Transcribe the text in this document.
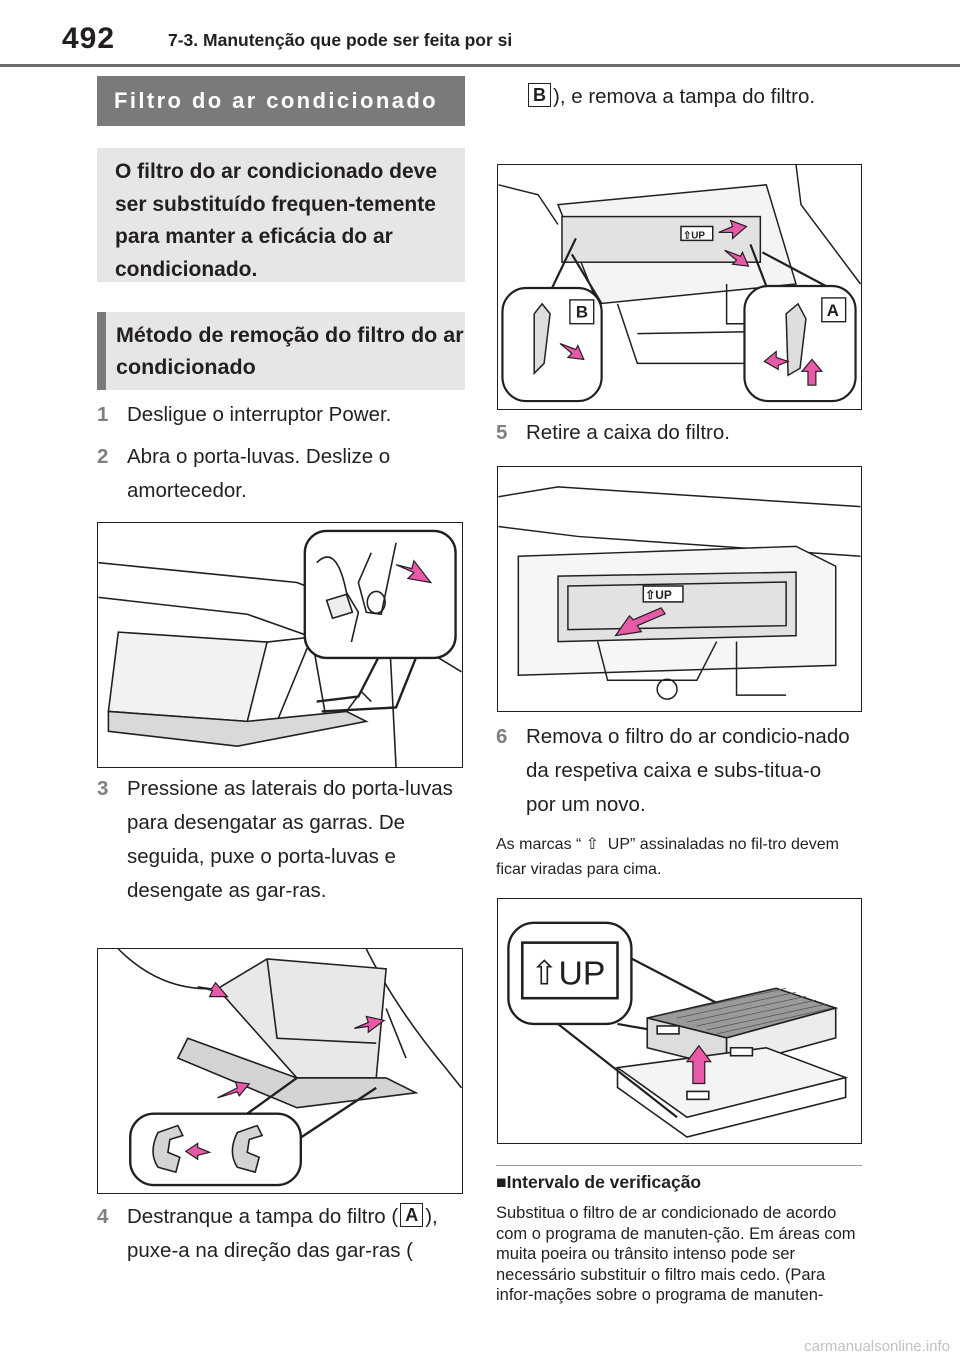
492	7-3. Manutenção que pode ser feita por si
Filtro do ar condicionado
O filtro do ar condicionado deve ser substituído frequen-temente para manter a eficácia do ar condicionado.
Método de remoção do filtro do ar condicionado
1 Desligue o interruptor Power.
2 Abra o porta-luvas. Deslize o amortecedor.
3 Pressione as laterais do porta-luvas para desengatar as garras. De seguida, puxe o porta-luvas e desengate as gar-ras.
4 Destranque a tampa do filtro ( A ), puxe-a na direção das gar-ras (
B ), e remova a tampa do filtro.
⇧UP
B	A
5 Retire a caixa do filtro.
⇧UP
6 Remova o filtro do ar condicio-nado da respetiva caixa e subs-titua-o por um novo.
As marcas “ ⇧ UP” assinaladas no fil-tro devem ficar viradas para cima.
⇧UP
■Intervalo de verificação
Substitua o filtro de ar condicionado de acordo com o programa de manuten-ção. Em áreas com muita poeira ou trânsito intenso pode ser necessário substituir o filtro mais cedo. (Para infor-mações sobre o programa de manuten-
carmanualsonline.info
